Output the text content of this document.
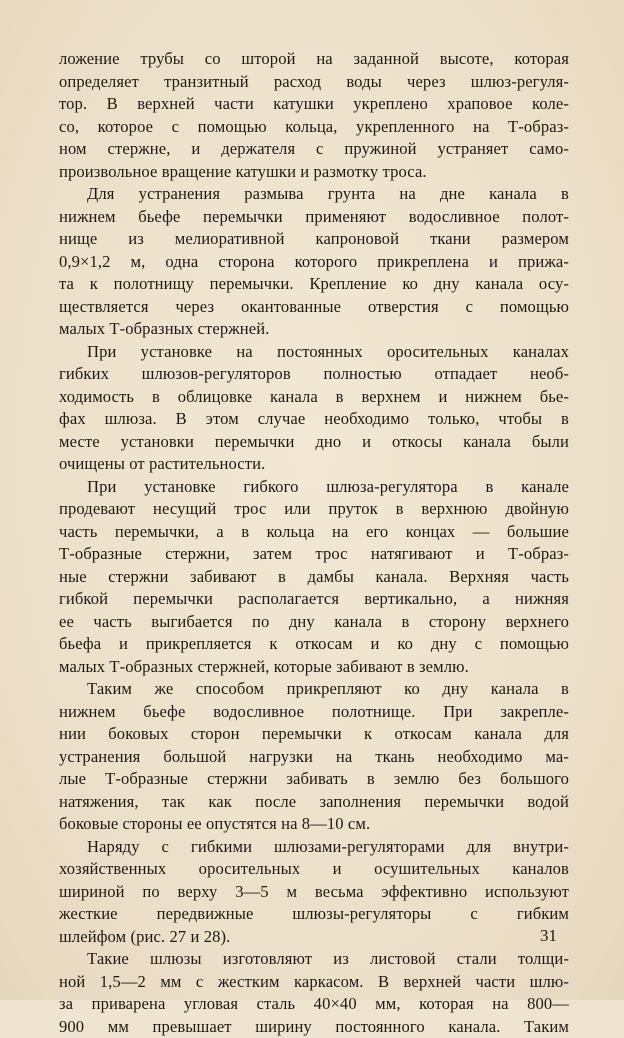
ложение трубы со шторой на заданной высоте, которая
определяет транзитный расход воды через шлюз-регуля-
тор. В верхней части катушки укреплено храповое коле-
со, которое с помощью кольца, укрепленного на Т-образ-
ном стержне, и держателя с пружиной устраняет само-
произвольное вращение катушки и размотку троса.
Для устранения размыва грунта на дне канала в
нижнем бьефе перемычки применяют водосливное полот-
нище из мелиоративной капроновой ткани размером
0,9×1,2 м, одна сторона которого прикреплена и прижа-
та к полотнищу перемычки. Крепление ко дну канала осу-
ществляется через окантованные отверстия с помощью
малых Т-образных стержней.
При установке на постоянных оросительных каналах
гибких шлюзов-регуляторов полностью отпадает необ-
ходимость в облицовке канала в верхнем и нижнем бье-
фах шлюза. В этом случае необходимо только, чтобы в
месте установки перемычки дно и откосы канала были
очищены от растительности.
При установке гибкого шлюза-регулятора в канале
продевают несущий трос или пруток в верхнюю двойную
часть перемычки, а в кольца на его концах — большие
Т-образные стержни, затем трос натягивают и Т-образ-
ные стержни забивают в дамбы канала. Верхняя часть
гибкой перемычки располагается вертикально, а нижняя
ее часть выгибается по дну канала в сторону верхнего
бьефа и прикрепляется к откосам и ко дну с помощью
малых Т-образных стержней, которые забивают в землю.
Таким же способом прикрепляют ко дну канала в
нижнем бьефе водосливное полотнище. При закрепле-
нии боковых сторон перемычки к откосам канала для
устранения большой нагрузки на ткань необходимо ма-
лые Т-образные стержни забивать в землю без большого
натяжения, так как после заполнения перемычки водой
боковые стороны ее опустятся на 8—10 см.
Наряду с гибкими шлюзами-регуляторами для внутри-
хозяйственных оросительных и осушительных каналов
шириной по верху 3—5 м весьма эффективно используют
жесткие передвижные шлюзы-регуляторы с гибким
шлейфом (рис. 27 и 28).
Такие шлюзы изготовляют из листовой стали толщи-
ной 1,5—2 мм с жестким каркасом. В верхней части шлю-
за приварена угловая сталь 40×40 мм, которая на 800—
900 мм превышает ширину постоянного канала. Таким
31
